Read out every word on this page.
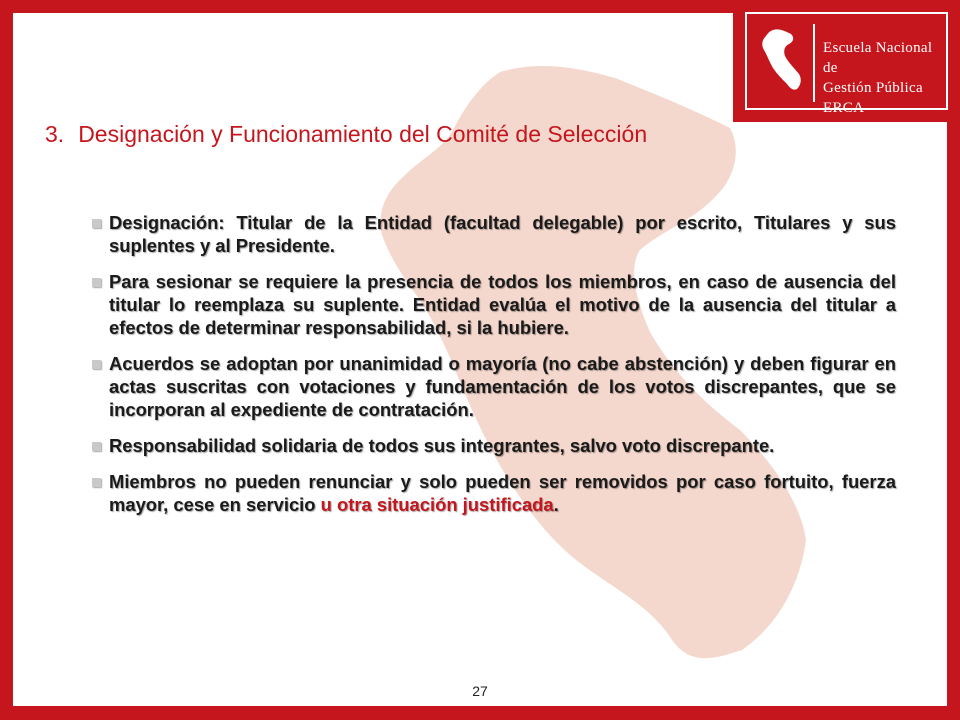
Escuela Nacional de
Gestión Pública ERCA
3. Designación y Funcionamiento del Comité de Selección
Designación: Titular de la Entidad (facultad delegable) por escrito, Titulares y sus suplentes y al Presidente.
Para sesionar se requiere la presencia de todos los miembros, en caso de ausencia del titular lo reemplaza su suplente. Entidad evalúa el motivo de la ausencia del titular a efectos de determinar responsabilidad, si la hubiere.
Acuerdos se adoptan por unanimidad o mayoría (no cabe abstención) y deben figurar en actas suscritas con votaciones y fundamentación de los votos discrepantes, que se incorporan al expediente de contratación.
Responsabilidad solidaria de todos sus integrantes, salvo voto discrepante.
Miembros no pueden renunciar y solo pueden ser removidos por caso fortuito, fuerza mayor, cese en servicio u otra situación justificada.
27
